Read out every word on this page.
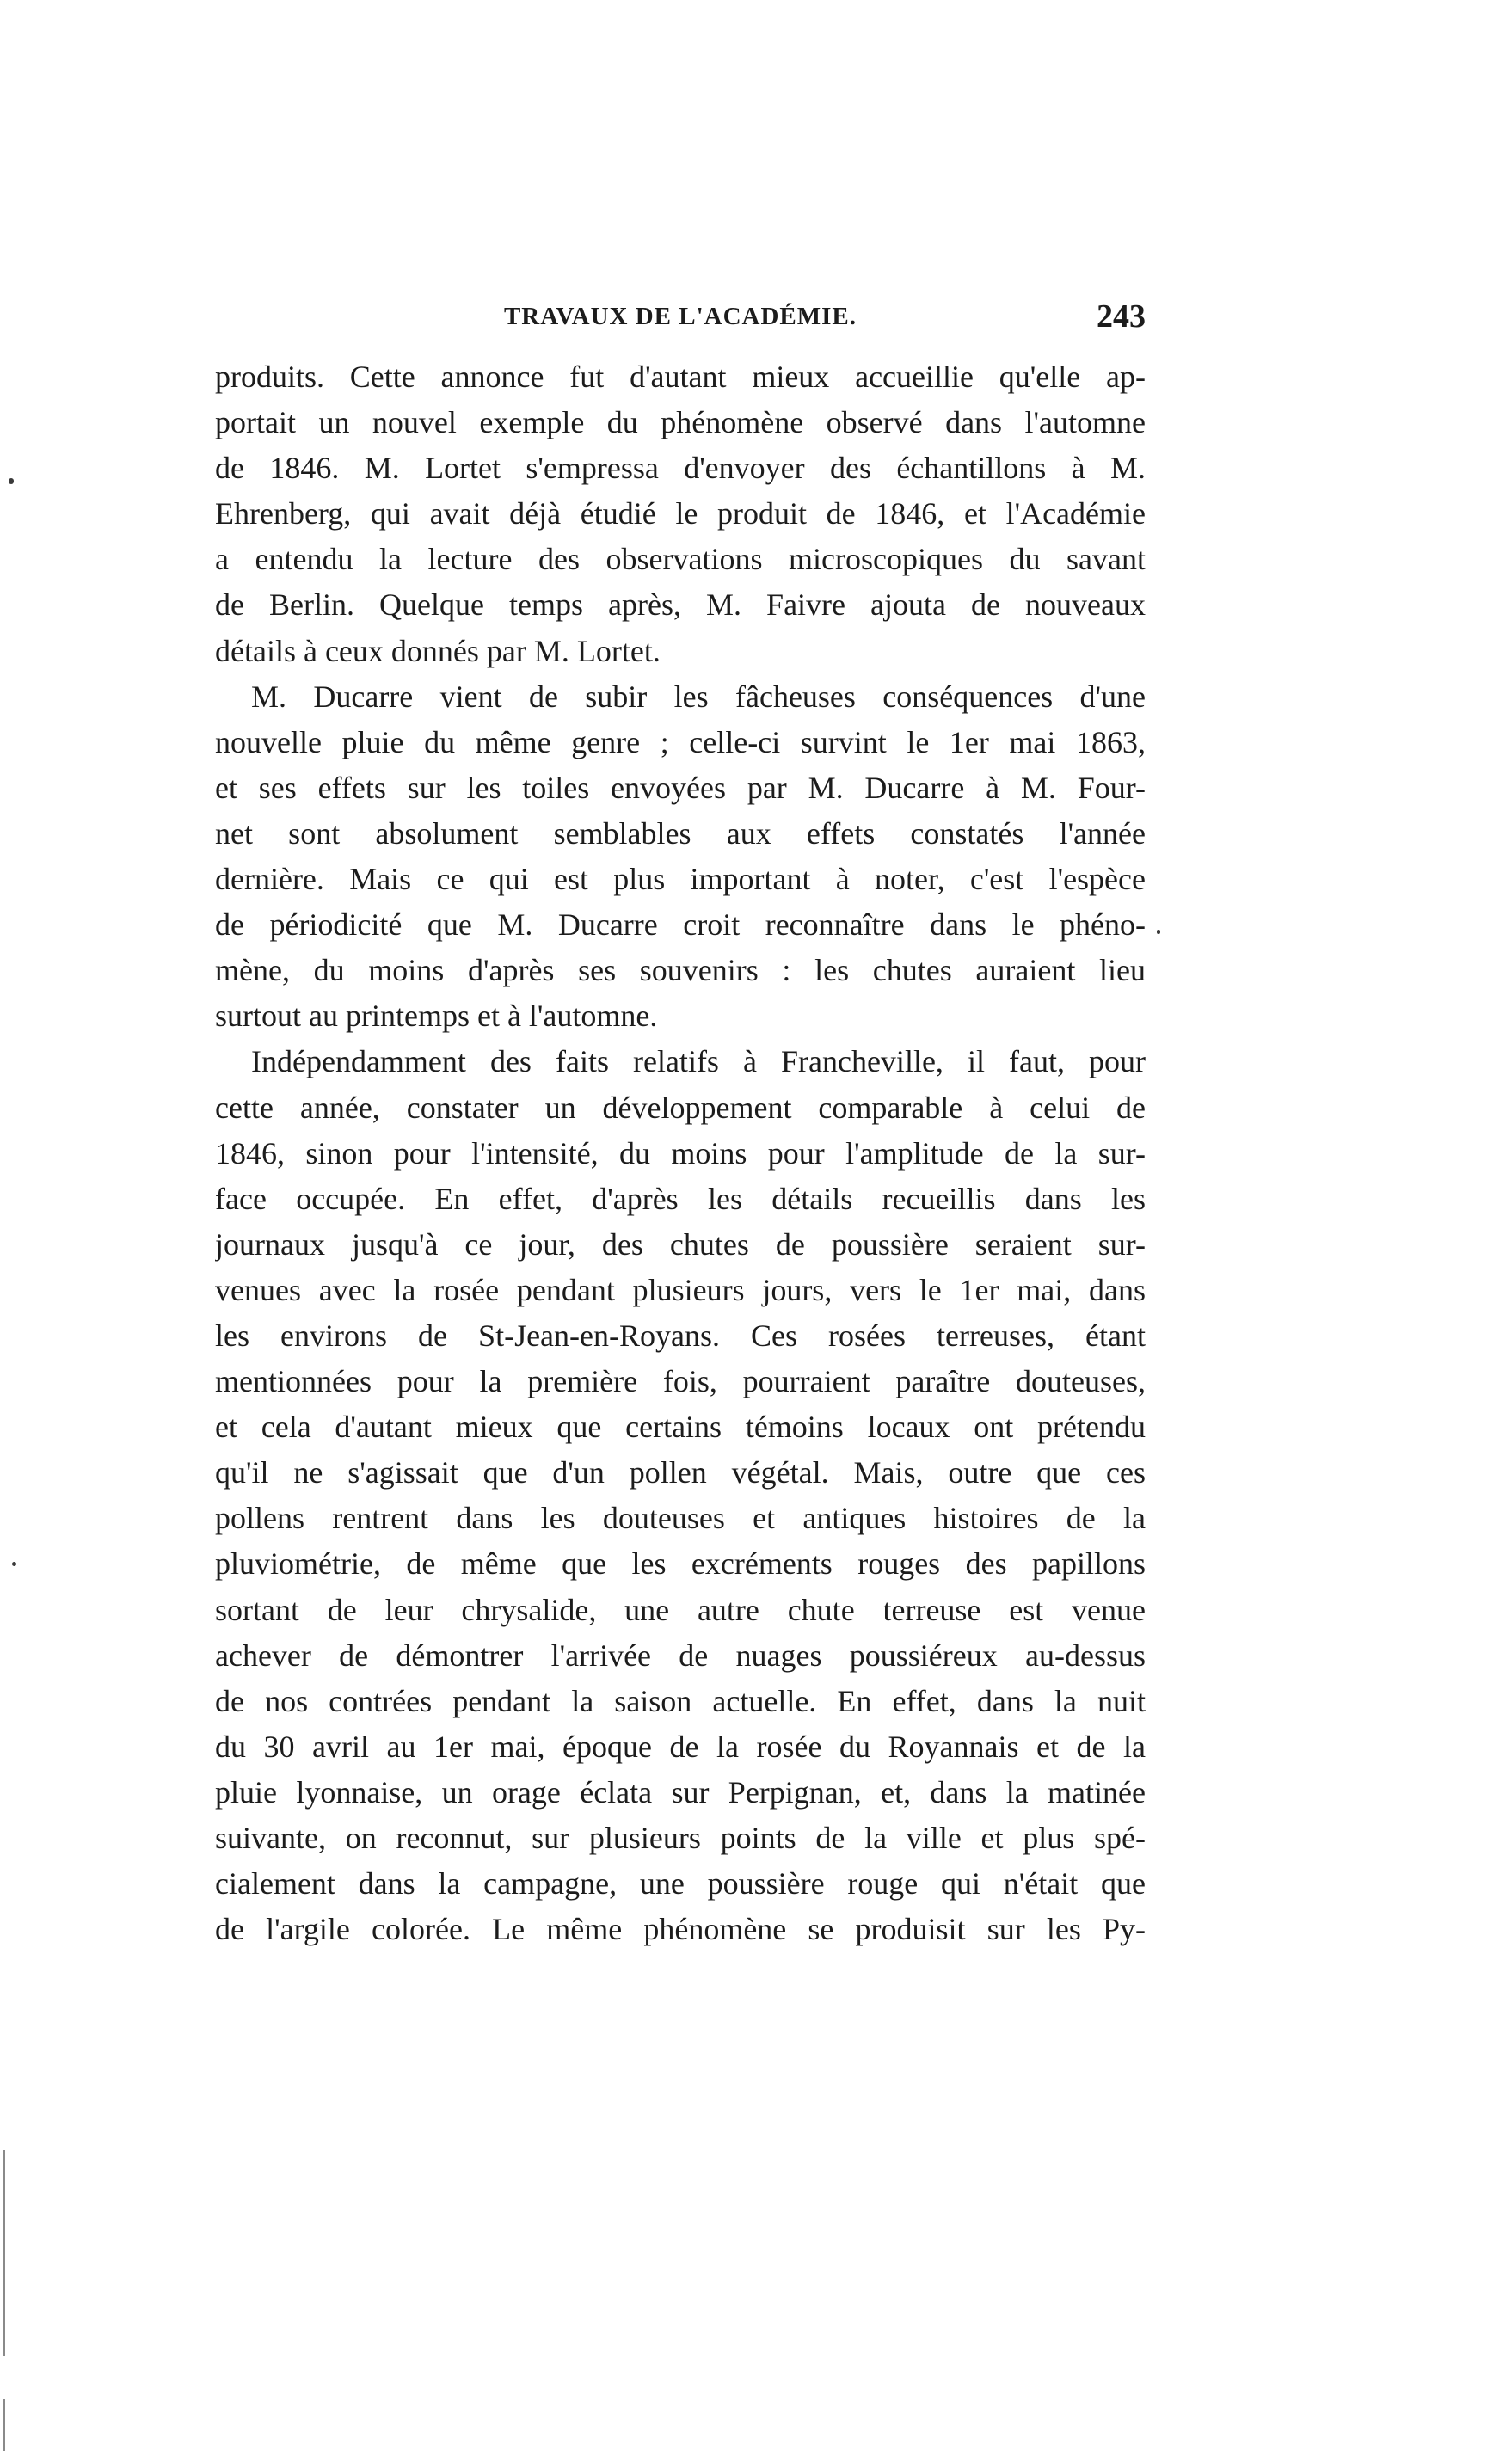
TRAVAUX DE L'ACADÉMIE.	243
produits. Cette annonce fut d'autant mieux accueillie qu'elle ap-
portait un nouvel exemple du phénomène observé dans l'automne
de 1846. M. Lortet s'empressa d'envoyer des échantillons à M.
Ehrenberg, qui avait déjà étudié le produit de 1846, et l'Académie
a entendu la lecture des observations microscopiques du savant
de Berlin. Quelque temps après, M. Faivre ajouta de nouveaux
détails à ceux donnés par M. Lortet.
M. Ducarre vient de subir les fâcheuses conséquences d'une
nouvelle pluie du même genre ; celle-ci survint le 1er mai 1863,
et ses effets sur les toiles envoyées par M. Ducarre à M. Four-
net sont absolument semblables aux effets constatés l'année
dernière. Mais ce qui est plus important à noter, c'est l'espèce
de périodicité que M. Ducarre croit reconnaître dans le phéno-
mène, du moins d'après ses souvenirs : les chutes auraient lieu
surtout au printemps et à l'automne.
Indépendamment des faits relatifs à Francheville, il faut, pour
cette année, constater un développement comparable à celui de
1846, sinon pour l'intensité, du moins pour l'amplitude de la sur-
face occupée. En effet, d'après les détails recueillis dans les
journaux jusqu'à ce jour, des chutes de poussière seraient sur-
venues avec la rosée pendant plusieurs jours, vers le 1er mai, dans
les environs de St-Jean-en-Royans. Ces rosées terreuses, étant
mentionnées pour la première fois, pourraient paraître douteuses,
et cela d'autant mieux que certains témoins locaux ont prétendu
qu'il ne s'agissait que d'un pollen végétal. Mais, outre que ces
pollens rentrent dans les douteuses et antiques histoires de la
pluviométrie, de même que les excréments rouges des papillons
sortant de leur chrysalide, une autre chute terreuse est venue
achever de démontrer l'arrivée de nuages poussiéreux au-dessus
de nos contrées pendant la saison actuelle. En effet, dans la nuit
du 30 avril au 1er mai, époque de la rosée du Royannais et de la
pluie lyonnaise, un orage éclata sur Perpignan, et, dans la matinée
suivante, on reconnut, sur plusieurs points de la ville et plus spé-
cialement dans la campagne, une poussière rouge qui n'était que
de l'argile colorée. Le même phénomène se produisit sur les Py-
